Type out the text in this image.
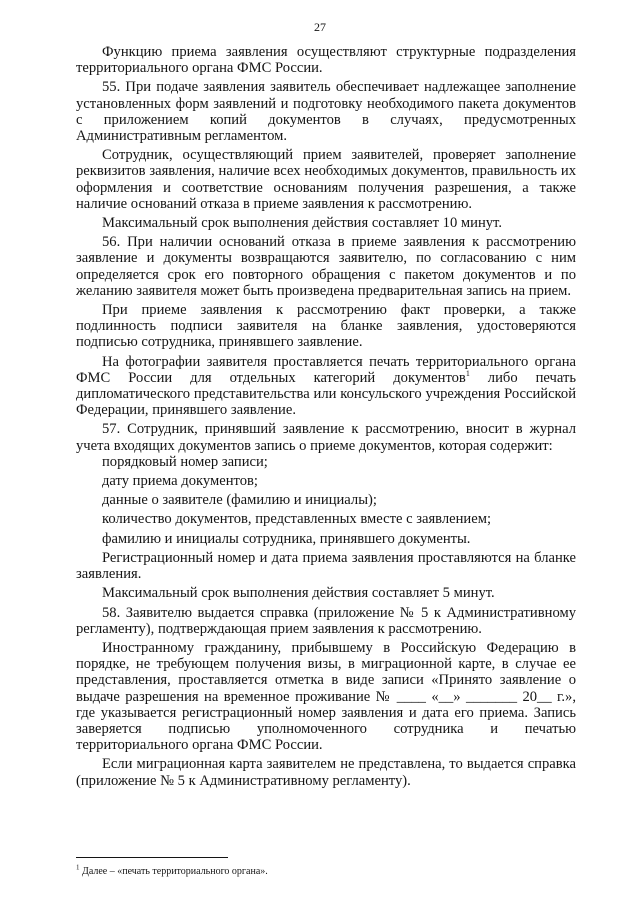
27

Функцию приема заявления осуществляют структурные подразделения территориального органа ФМС России.

55. При подаче заявления заявитель обеспечивает надлежащее заполнение установленных форм заявлений и подготовку необходимого пакета документов с приложением копий документов в случаях, предусмотренных Административным регламентом.

Сотрудник, осуществляющий прием заявителей, проверяет заполнение реквизитов заявления, наличие всех необходимых документов, правильность их оформления и соответствие основаниям получения разрешения, а также наличие оснований отказа в приеме заявления к рассмотрению.

Максимальный срок выполнения действия составляет 10 минут.

56. При наличии оснований отказа в приеме заявления к рассмотрению заявление и документы возвращаются заявителю, по согласованию с ним определяется срок его повторного обращения с пакетом документов и по желанию заявителя может быть произведена предварительная запись на прием.

При приеме заявления к рассмотрению факт проверки, а также подлинность подписи заявителя на бланке заявления, удостоверяются подписью сотрудника, принявшего заявление.

На фотографии заявителя проставляется печать территориального органа ФМС России для отдельных категорий документов$^1$ либо печать дипломатического представительства или консульского учреждения Российской Федерации, принявшего заявление.

57. Сотрудник, принявший заявление к рассмотрению, вносит в журнал учета входящих документов запись о приеме документов, которая содержит:

порядковый номер записи;

дату приема документов;

данные о заявителе (фамилию и инициалы);

количество документов, представленных вместе с заявлением;

фамилию и инициалы сотрудника, принявшего документы.

Регистрационный номер и дата приема заявления проставляются на бланке заявления.

Максимальный срок выполнения действия составляет 5 минут.

58. Заявителю выдается справка (приложение № 5 к Административному регламенту), подтверждающая прием заявления к рассмотрению.

Иностранному гражданину, прибывшему в Российскую Федерацию в порядке, не требующем получения визы, в миграционной карте, в случае ее представления, проставляется отметка в виде записи «Принято заявление о выдаче разрешения на временное проживание № ____ «__» _______ 20__ г.», где указывается регистрационный номер заявления и дата его приема. Запись заверяется подписью уполномоченного сотрудника и печатью территориального органа ФМС России.

Если миграционная карта заявителем не представлена, то выдается справка (приложение № 5 к Административному регламенту).

$^1$ Далее – «печать территориального органа».
